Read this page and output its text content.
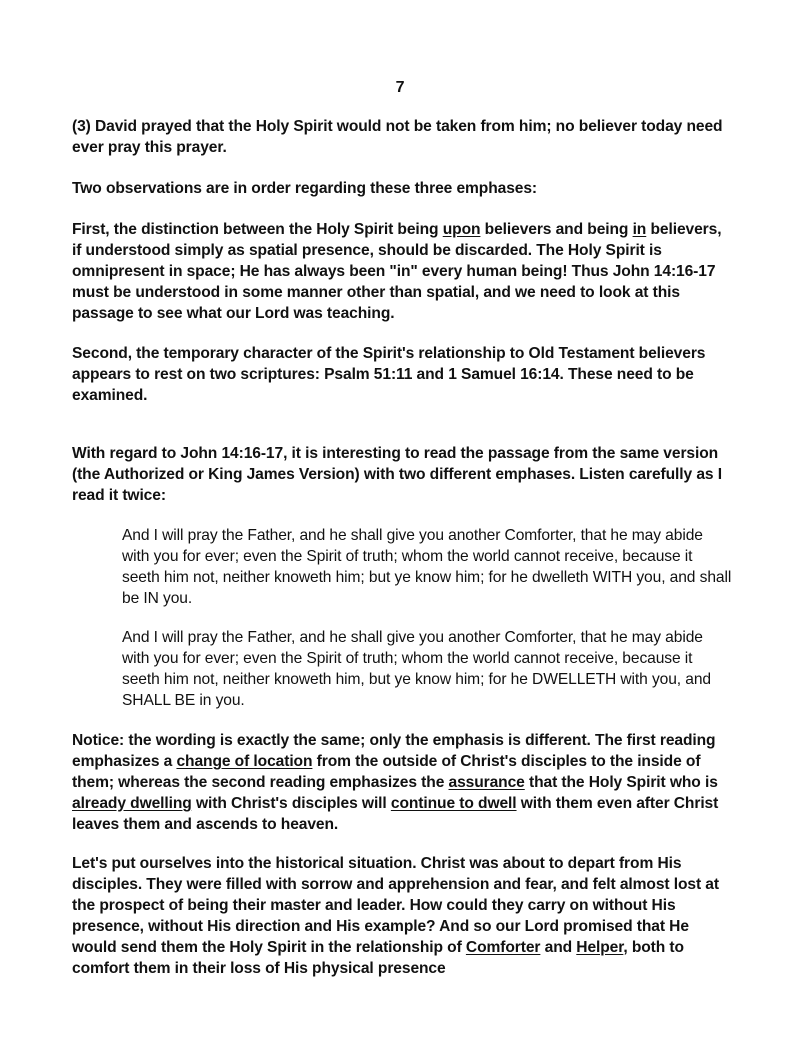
7

(3) David prayed that the Holy Spirit would not be taken from him; no believer today need ever pray this prayer.

Two observations are in order regarding these three emphases:

First, the distinction between the Holy Spirit being upon believers and being in believers, if understood simply as spatial presence, should be discarded. The Holy Spirit is omnipresent in space; He has always been "in" every human being! Thus John 14:16-17 must be understood in some manner other than spatial, and we need to look at this passage to see what our Lord was teaching.

Second, the temporary character of the Spirit's relationship to Old Testament believers appears to rest on two scriptures: Psalm 51:11 and 1 Samuel 16:14. These need to be examined.

With regard to John 14:16-17, it is interesting to read the passage from the same version (the Authorized or King James Version) with two different emphases. Listen carefully as I read it twice:

And I will pray the Father, and he shall give you another Comforter, that he may abide with you for ever; even the Spirit of truth; whom the world cannot receive, because it seeth him not, neither knoweth him; but ye know him; for he dwelleth WITH you, and shall be IN you.

And I will pray the Father, and he shall give you another Comforter, that he may abide with you for ever; even the Spirit of truth; whom the world cannot receive, because it seeth him not, neither knoweth him, but ye know him; for he DWELLETH with you, and SHALL BE in you.

Notice: the wording is exactly the same; only the emphasis is different. The first reading emphasizes a change of location from the outside of Christ's disciples to the inside of them; whereas the second reading emphasizes the assurance that the Holy Spirit who is already dwelling with Christ's disciples will continue to dwell with them even after Christ leaves them and ascends to heaven.

Let's put ourselves into the historical situation. Christ was about to depart from His disciples. They were filled with sorrow and apprehension and fear, and felt almost lost at the prospect of being their master and leader. How could they carry on without His presence, without His direction and His example? And so our Lord promised that He would send them the Holy Spirit in the relationship of Comforter and Helper, both to comfort them in their loss of His physical presence
